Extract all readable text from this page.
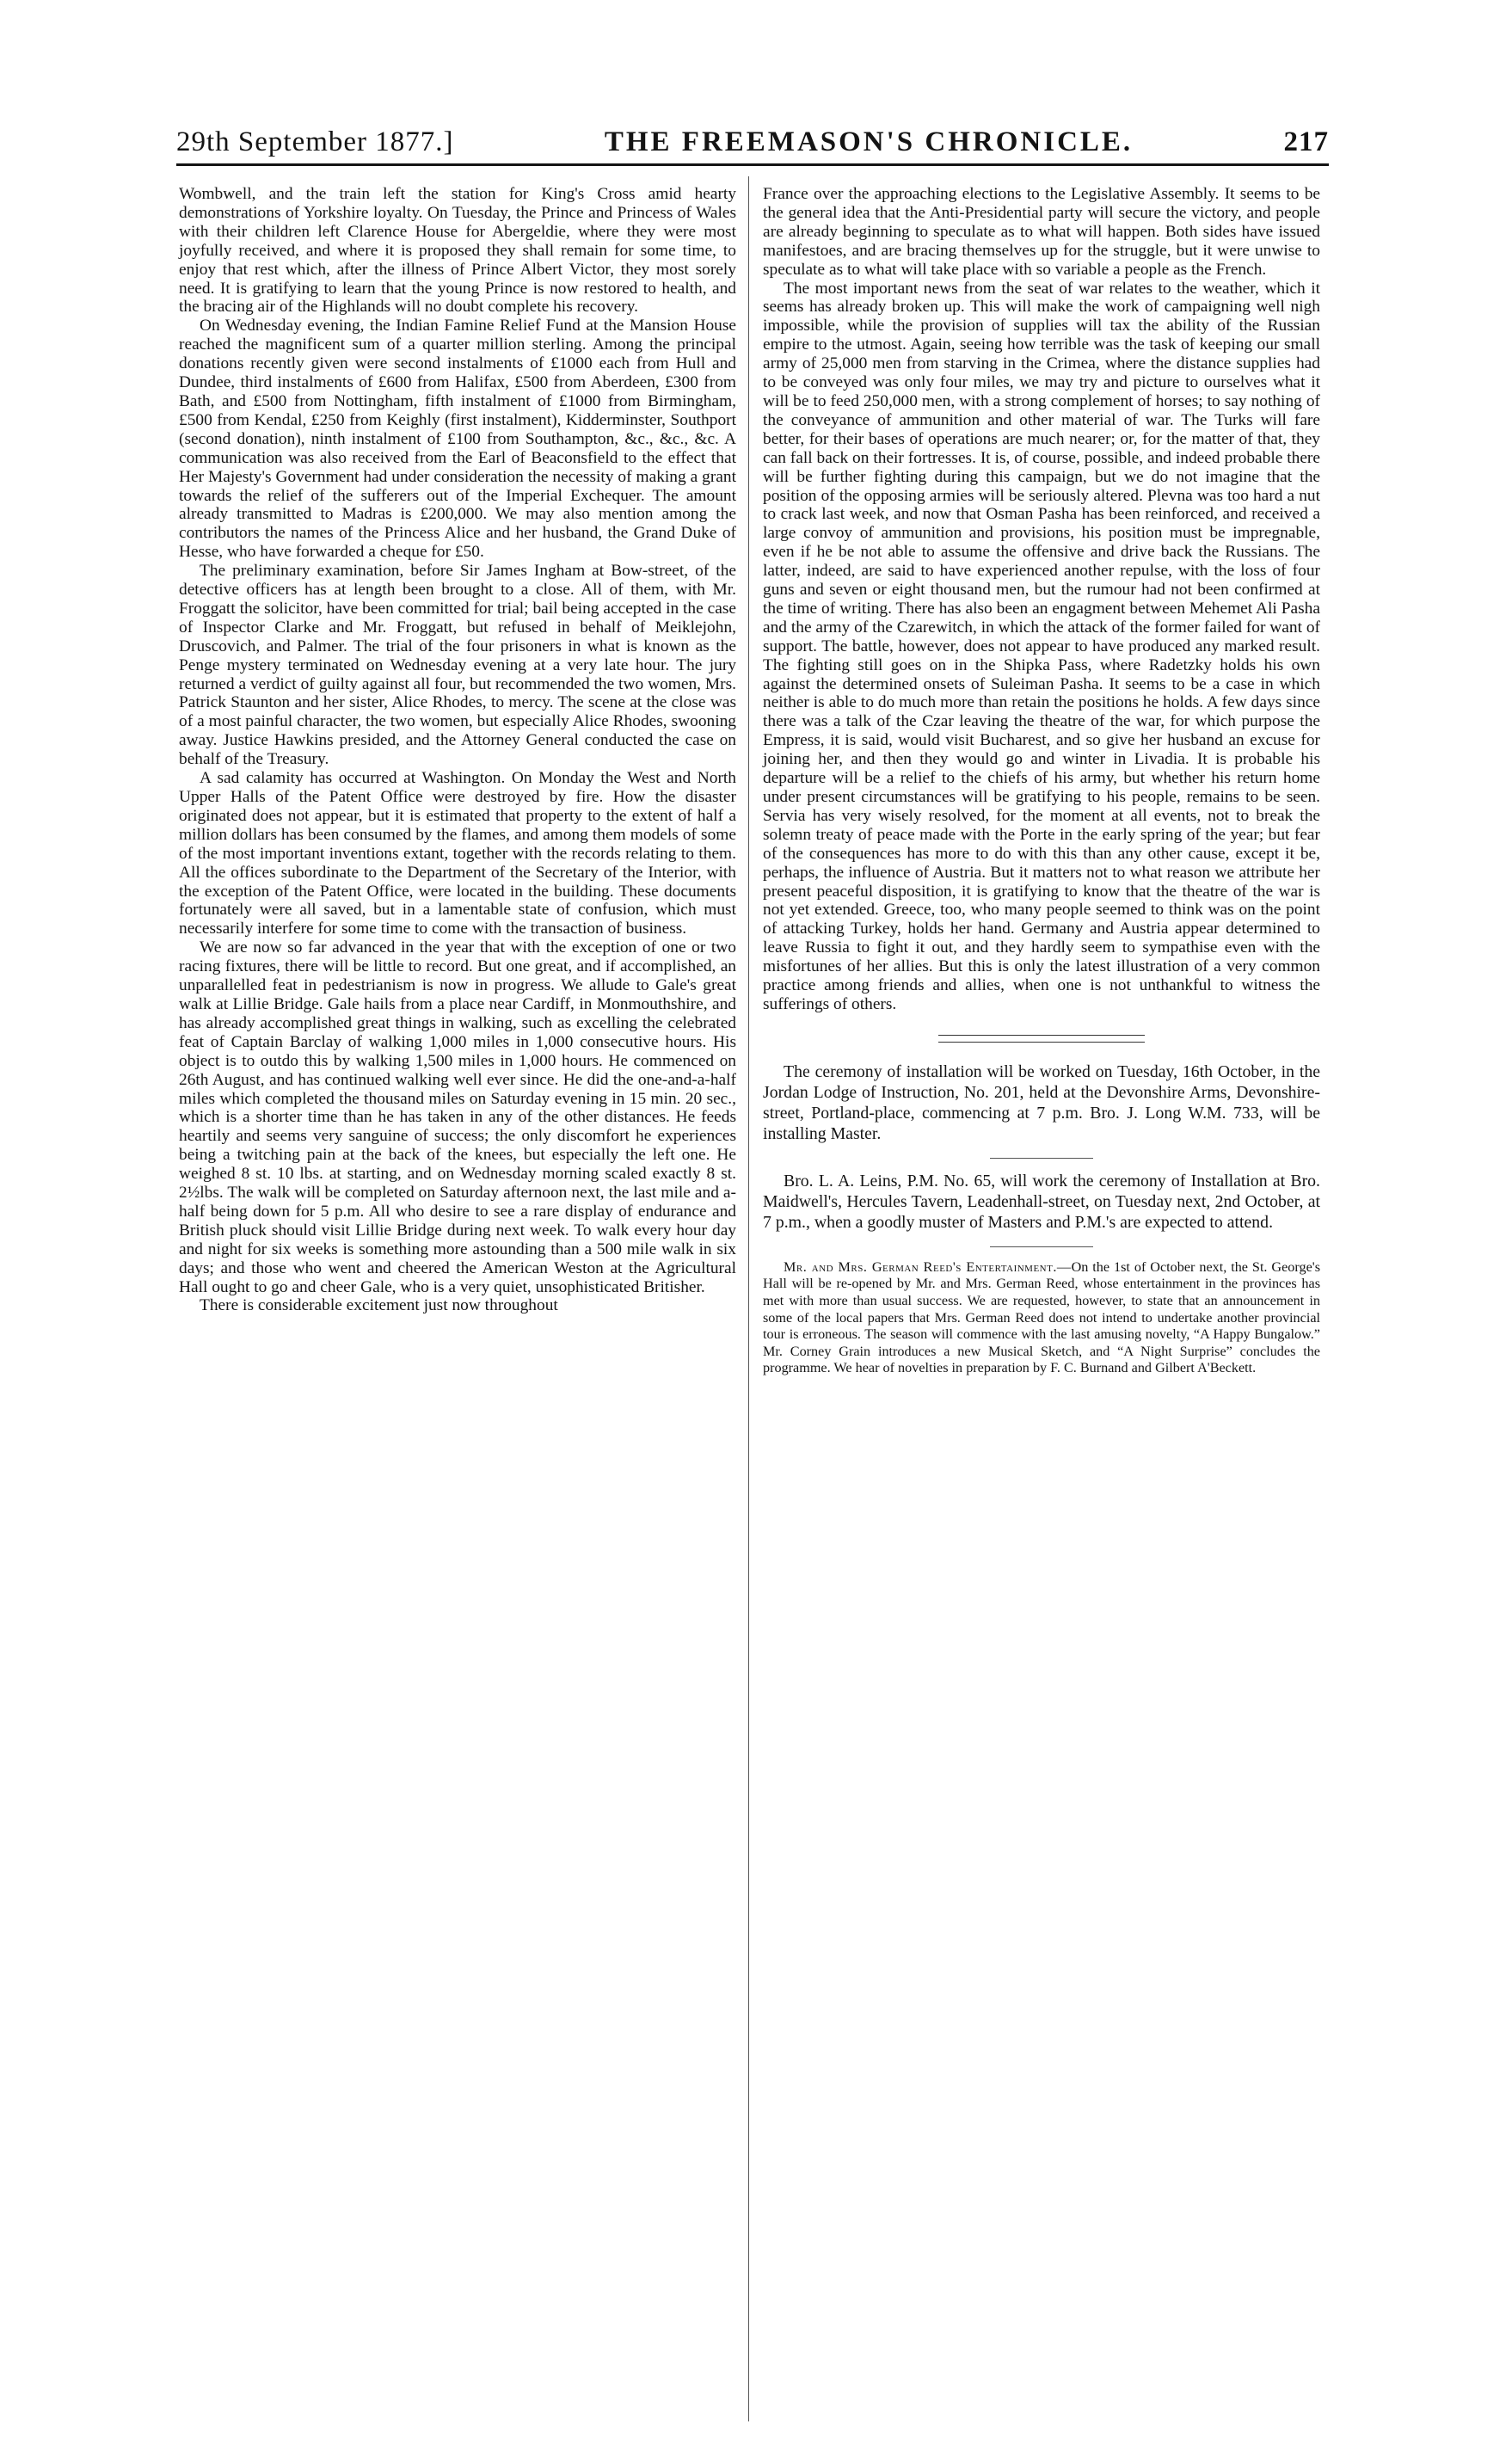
29th September 1877.]	THE FREEMASON'S CHRONICLE.	217

Wombwell, and the train left the station for King's Cross amid hearty demonstrations of Yorkshire loyalty. On Tuesday, the Prince and Princess of Wales with their children left Clarence House for Abergeldie, where they were most joyfully received, and where it is proposed they shall remain for some time, to enjoy that rest which, after the illness of Prince Albert Victor, they most sorely need. It is gratifying to learn that the young Prince is now restored to health, and the bracing air of the Highlands will no doubt complete his recovery.

On Wednesday evening, the Indian Famine Relief Fund at the Mansion House reached the magnificent sum of a quarter million sterling. Among the principal donations recently given were second instalments of £1000 each from Hull and Dundee, third instalments of £600 from Halifax, £500 from Aberdeen, £300 from Bath, and £500 from Nottingham, fifth instalment of £1000 from Birmingham, £500 from Kendal, £250 from Keighly (first instalment), Kidderminster, Southport (second donation), ninth instalment of £100 from Southampton, &c., &c., &c. A communication was also received from the Earl of Beaconsfield to the effect that Her Majesty's Government had under consideration the necessity of making a grant towards the relief of the sufferers out of the Imperial Exchequer. The amount already transmitted to Madras is £200,000. We may also mention among the contributors the names of the Princess Alice and her husband, the Grand Duke of Hesse, who have forwarded a cheque for £50.

The preliminary examination, before Sir James Ingham at Bow-street, of the detective officers has at length been brought to a close. All of them, with Mr. Froggatt the solicitor, have been committed for trial; bail being accepted in the case of Inspector Clarke and Mr. Froggatt, but refused in behalf of Meiklejohn, Druscovich, and Palmer. The trial of the four prisoners in what is known as the Penge mystery terminated on Wednesday evening at a very late hour. The jury returned a verdict of guilty against all four, but recommended the two women, Mrs. Patrick Staunton and her sister, Alice Rhodes, to mercy. The scene at the close was of a most painful character, the two women, but especially Alice Rhodes, swooning away. Justice Hawkins presided, and the Attorney General conducted the case on behalf of the Treasury.

A sad calamity has occurred at Washington. On Monday the West and North Upper Halls of the Patent Office were destroyed by fire. How the disaster originated does not appear, but it is estimated that property to the extent of half a million dollars has been consumed by the flames, and among them models of some of the most important inventions extant, together with the records relating to them. All the offices subordinate to the Department of the Secretary of the Interior, with the exception of the Patent Office, were located in the building. These documents fortunately were all saved, but in a lamentable state of confusion, which must necessarily interfere for some time to come with the transaction of business.

We are now so far advanced in the year that with the exception of one or two racing fixtures, there will be little to record. But one great, and if accomplished, an unparallelled feat in pedestrianism is now in progress. We allude to Gale's great walk at Lillie Bridge. Gale hails from a place near Cardiff, in Monmouthshire, and has already accomplished great things in walking, such as excelling the celebrated feat of Captain Barclay of walking 1,000 miles in 1,000 consecutive hours. His object is to outdo this by walking 1,500 miles in 1,000 hours. He commenced on 26th August, and has continued walking well ever since. He did the one-and-a-half miles which completed the thousand miles on Saturday evening in 15 min. 20 sec., which is a shorter time than he has taken in any of the other distances. He feeds heartily and seems very sanguine of success; the only discomfort he experiences being a twitching pain at the back of the knees, but especially the left one. He weighed 8 st. 10 lbs. at starting, and on Wednesday morning scaled exactly 8 st. 2½lbs. The walk will be completed on Saturday afternoon next, the last mile and a-half being down for 5 p.m. All who desire to see a rare display of endurance and British pluck should visit Lillie Bridge during next week. To walk every hour day and night for six weeks is something more astounding than a 500 mile walk in six days; and those who went and cheered the American Weston at the Agricultural Hall ought to go and cheer Gale, who is a very quiet, unsophisticated Britisher.

There is considerable excitement just now throughout

France over the approaching elections to the Legislative Assembly. It seems to be the general idea that the Anti-Presidential party will secure the victory, and people are already beginning to speculate as to what will happen. Both sides have issued manifestoes, and are bracing themselves up for the struggle, but it were unwise to speculate as to what will take place with so variable a people as the French.

The most important news from the seat of war relates to the weather, which it seems has already broken up. This will make the work of campaigning well nigh impossible, while the provision of supplies will tax the ability of the Russian empire to the utmost. Again, seeing how terrible was the task of keeping our small army of 25,000 men from starving in the Crimea, where the distance supplies had to be conveyed was only four miles, we may try and picture to ourselves what it will be to feed 250,000 men, with a strong complement of horses; to say nothing of the conveyance of ammunition and other material of war. The Turks will fare better, for their bases of operations are much nearer; or, for the matter of that, they can fall back on their fortresses. It is, of course, possible, and indeed probable there will be further fighting during this campaign, but we do not imagine that the position of the opposing armies will be seriously altered. Plevna was too hard a nut to crack last week, and now that Osman Pasha has been reinforced, and received a large convoy of ammunition and provisions, his position must be impregnable, even if he be not able to assume the offensive and drive back the Russians. The latter, indeed, are said to have experienced another repulse, with the loss of four guns and seven or eight thousand men, but the rumour had not been confirmed at the time of writing. There has also been an engagment between Mehemet Ali Pasha and the army of the Czarewitch, in which the attack of the former failed for want of support. The battle, however, does not appear to have produced any marked result. The fighting still goes on in the Shipka Pass, where Radetzky holds his own against the determined onsets of Suleiman Pasha. It seems to be a case in which neither is able to do much more than retain the positions he holds. A few days since there was a talk of the Czar leaving the theatre of the war, for which purpose the Empress, it is said, would visit Bucharest, and so give her husband an excuse for joining her, and then they would go and winter in Livadia. It is probable his departure will be a relief to the chiefs of his army, but whether his return home under present circumstances will be gratifying to his people, remains to be seen. Servia has very wisely resolved, for the moment at all events, not to break the solemn treaty of peace made with the Porte in the early spring of the year; but fear of the consequences has more to do with this than any other cause, except it be, perhaps, the influence of Austria. But it matters not to what reason we attribute her present peaceful disposition, it is gratifying to know that the theatre of the war is not yet extended. Greece, too, who many people seemed to think was on the point of attacking Turkey, holds her hand. Germany and Austria appear determined to leave Russia to fight it out, and they hardly seem to sympathise even with the misfortunes of her allies. But this is only the latest illustration of a very common practice among friends and allies, when one is not unthankful to witness the sufferings of others.

The ceremony of installation will be worked on Tuesday, 16th October, in the Jordan Lodge of Instruction, No. 201, held at the Devonshire Arms, Devonshire-street, Portland-place, commencing at 7 p.m. Bro. J. Long W.M. 733, will be installing Master.

Bro. L. A. Leins, P.M. No. 65, will work the ceremony of Installation at Bro. Maidwell's, Hercules Tavern, Leadenhall-street, on Tuesday next, 2nd October, at 7 p.m., when a goodly muster of Masters and P.M.'s are expected to attend.

Mr. and Mrs. German Reed's Entertainment.—On the 1st of October next, the St. George's Hall will be re-opened by Mr. and Mrs. German Reed, whose entertainment in the provinces has met with more than usual success. We are requested, however, to state that an announcement in some of the local papers that Mrs. German Reed does not intend to undertake another provincial tour is erroneous. The season will commence with the last amusing novelty, “A Happy Bungalow.” Mr. Corney Grain introduces a new Musical Sketch, and “A Night Surprise” concludes the programme. We hear of novelties in preparation by F. C. Burnand and Gilbert A'Beckett.
